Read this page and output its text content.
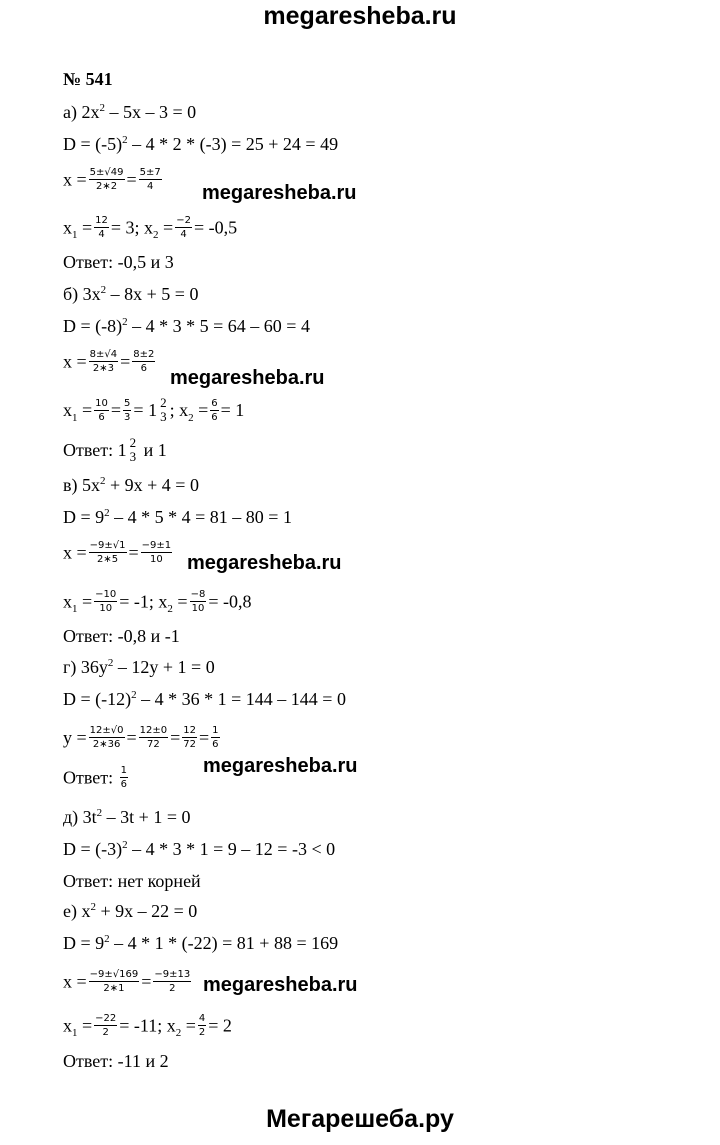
megaresheba.ru
№ 541
а) $2x^2 - 5x - 3 = 0$
$D = (-5)^2 - 4 * 2 * (-3) = 25 + 24 = 49$
$x = \frac{5\pm√49}{2∗2} = \frac{5\pm 7}{4}$ megaresheba.ru
$x_1 = \frac{12}{4} = 3$; $x_2 = \frac{-2}{4} = -0,5$
Ответ: -0,5 и 3
б) $3x^2 - 8x + 5 = 0$
$D = (-8)^2 - 4 * 3 * 5 = 64 - 60 = 4$
$x = \frac{8\pm√4}{2∗3} = \frac{8\pm 2}{6}$
megaresheba.ru
$x_1 = \frac{10}{6} = \frac{5}{3} = 1$ 2
3 ; $x_2 = \frac{6}{6} = 1$
Ответ: 1 2
3 и 1
в) $5x^2 + 9x + 4 = 0$
$D = 9^2 - 4 * 5 * 4 = 81 - 80 = 1$
$x = \frac{-9\pm√1}{2∗5} = \frac{-9\pm 1}{10}$ megaresheba.ru
$x_1 = \frac{-10}{10} = -1$; $x_2 = \frac{-8}{10} = -0,8$
Ответ: -0,8 и -1
г) $36y^2 - 12y + 1 = 0$
$D = (-12)^2 - 4 * 36 * 1 = 144 - 144 = 0$
$y = \frac{12\pm√0}{2∗36} = \frac{12\pm 0}{72} = \frac{12}{72} = \frac{1}{6}$
Ответ: $\frac{1}{6}$	megaresheba.ru
д) $3t^2 - 3t + 1 = 0$
$D = (-3)^2 - 4 * 3 * 1 = 9 - 12 = -3 < 0$
Ответ: нет корней
е) $x^2 + 9x - 22 = 0$
$D = 9^2 - 4 * 1 * (-22) = 81 + 88 = 169$
$x = \frac{-9\pm√169}{2∗1} = \frac{-9\pm 13}{2}$ megaresheba.ru
$x_1 = \frac{-22}{2} = -11$; $x_2 = \frac{4}{2} = 2$
Ответ: -11 и 2
Мегарешеба.ру
